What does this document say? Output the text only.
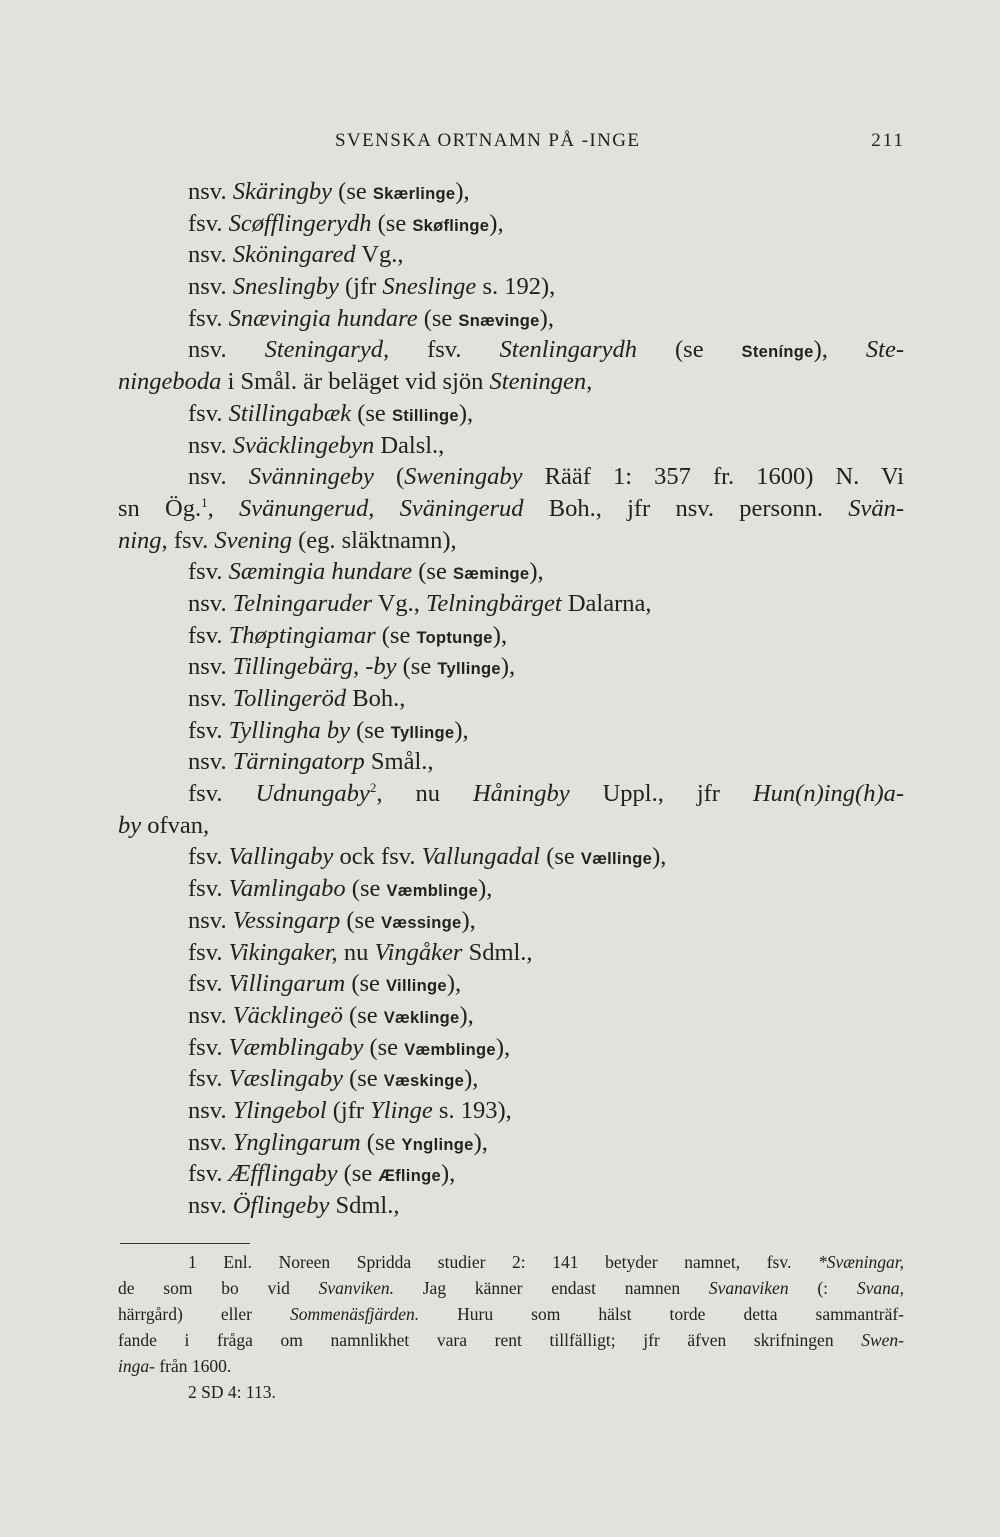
SVENSKA ORTNAMN PÅ -INGE	211
nsv. Skäringby (se Skærlinge),
fsv. Scøfflingerydh (se Skøflinge),
nsv. Sköningared Vg.,
nsv. Sneslingby (jfr Sneslinge s. 192),
fsv. Snævingia hundare (se Snævinge),
nsv. Steningaryd, fsv. Stenlingarydh (se Stenínge), Ste-
ningeboda i Smål. är beläget vid sjön Steningen,
fsv. Stillingabæk (se Stillinge),
nsv. Sväcklingebyn Dalsl.,
nsv. Svänningeby (Sweningaby Rääf 1: 357 fr. 1600) N. Vi
sn Ög.$^1$, Svänungerud, Sväningerud Boh., jfr nsv. personn. Svän-
ning, fsv. Svening (eg. släktnamn),
fsv. Sæmingia hundare (se Sæminge),
nsv. Telningaruder Vg., Telningbärget Dalarna,
fsv. Thøptingiamar (se Toptunge),
nsv. Tillingebärg, -by (se Tyllinge),
nsv. Tollingeröd Boh.,
fsv. Tyllingha by (se Tyllinge),
nsv. Tärningatorp Smål.,
fsv. Udnungaby$^2$, nu Håningby Uppl., jfr Hun(n)ing(h)a-
by ofvan,
fsv. Vallingaby ock fsv. Vallungadal (se Vællinge),
fsv. Vamlingabo (se Væmblinge),
nsv. Vessingarp (se Væssinge),
fsv. Vikingaker, nu Vingåker Sdml.,
fsv. Villingarum (se Villinge),
nsv. Väcklingeö (se Væklinge),
fsv. Væmblingaby (se Væmblinge),
fsv. Væslingaby (se Væskinge),
nsv. Ylingebol (jfr Ylinge s. 193),
nsv. Ynglingarum (se Ynglinge),
fsv. Æfflingaby (se Æflinge),
nsv. Öflingeby Sdml.,
1 Enl. Noreen Spridda studier 2: 141 betyder namnet, fsv. *Svæningar,
de som bo vid Svanviken. Jag känner endast namnen Svanaviken (: Svana,
härrgård) eller Sommenäsfjärden. Huru som hälst torde detta sammanträf-
fande i fråga om namnlikhet vara rent tillfälligt; jfr äfven skrifningen Swen-
inga- från 1600.
2 SD 4: 113.
